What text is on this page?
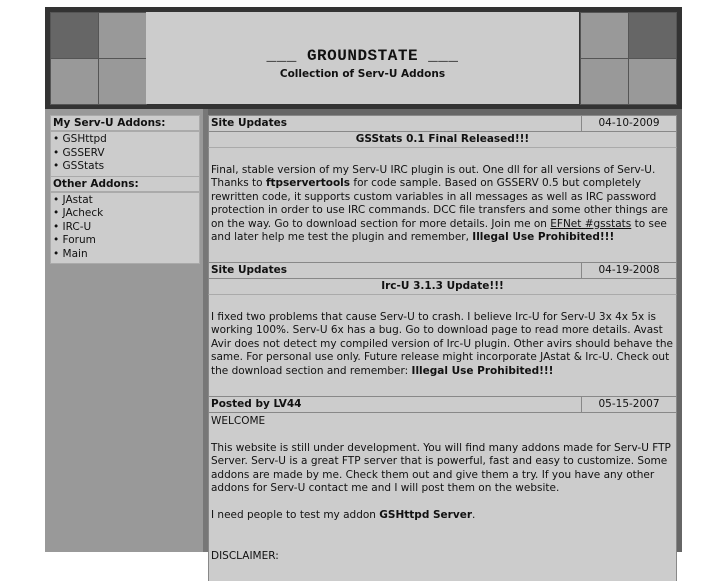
___ GROUNDSTATE ___
Collection of Serv-U Addons
My Serv-U Addons:
• GSHttpd
• GSSERV
• GSStats
Other Addons:
• JAstat
• JAcheck
• IRC-U
• Forum
• Main
Site Updates	04-10-2009
GSStats 0.1 Final Released!!!

Final, stable version of my Serv-U IRC plugin is out. One dll for all versions of Serv-U. Thanks to ftpservertools for code sample. Based on GSSERV 0.5 but completely rewritten code, it supports custom variables in all messages as well as IRC password protection in order to use IRC commands. DCC file transfers and some other things are on the way. Go to download section for more details. Join me on EFNet #gsstats to see and later help me test the plugin and remember, Illegal Use Prohibited!!!

Site Updates	04-19-2008
Irc-U 3.1.3 Update!!!

I fixed two problems that cause Serv-U to crash. I believe Irc-U for Serv-U 3x 4x 5x is working 100%. Serv-U 6x has a bug. Go to download page to read more details. Avast Avir does not detect my compiled version of Irc-U plugin. Other avirs should behave the same. For personal use only. Future release might incorporate JAstat & Irc-U. Check out the download section and remember: Illegal Use Prohibited!!!

Posted by LV44	05-15-2007

WELCOME

This website is still under development. You will find many addons made for Serv-U FTP Server. Serv-U is a great FTP server that is powerful, fast and easy to customize. Some addons are made by me. Check them out and give them a try. If you have any other addons for Serv-U contact me and I will post them on the website.

I need people to test my addon GSHttpd Server.

DISCLAIMER:
